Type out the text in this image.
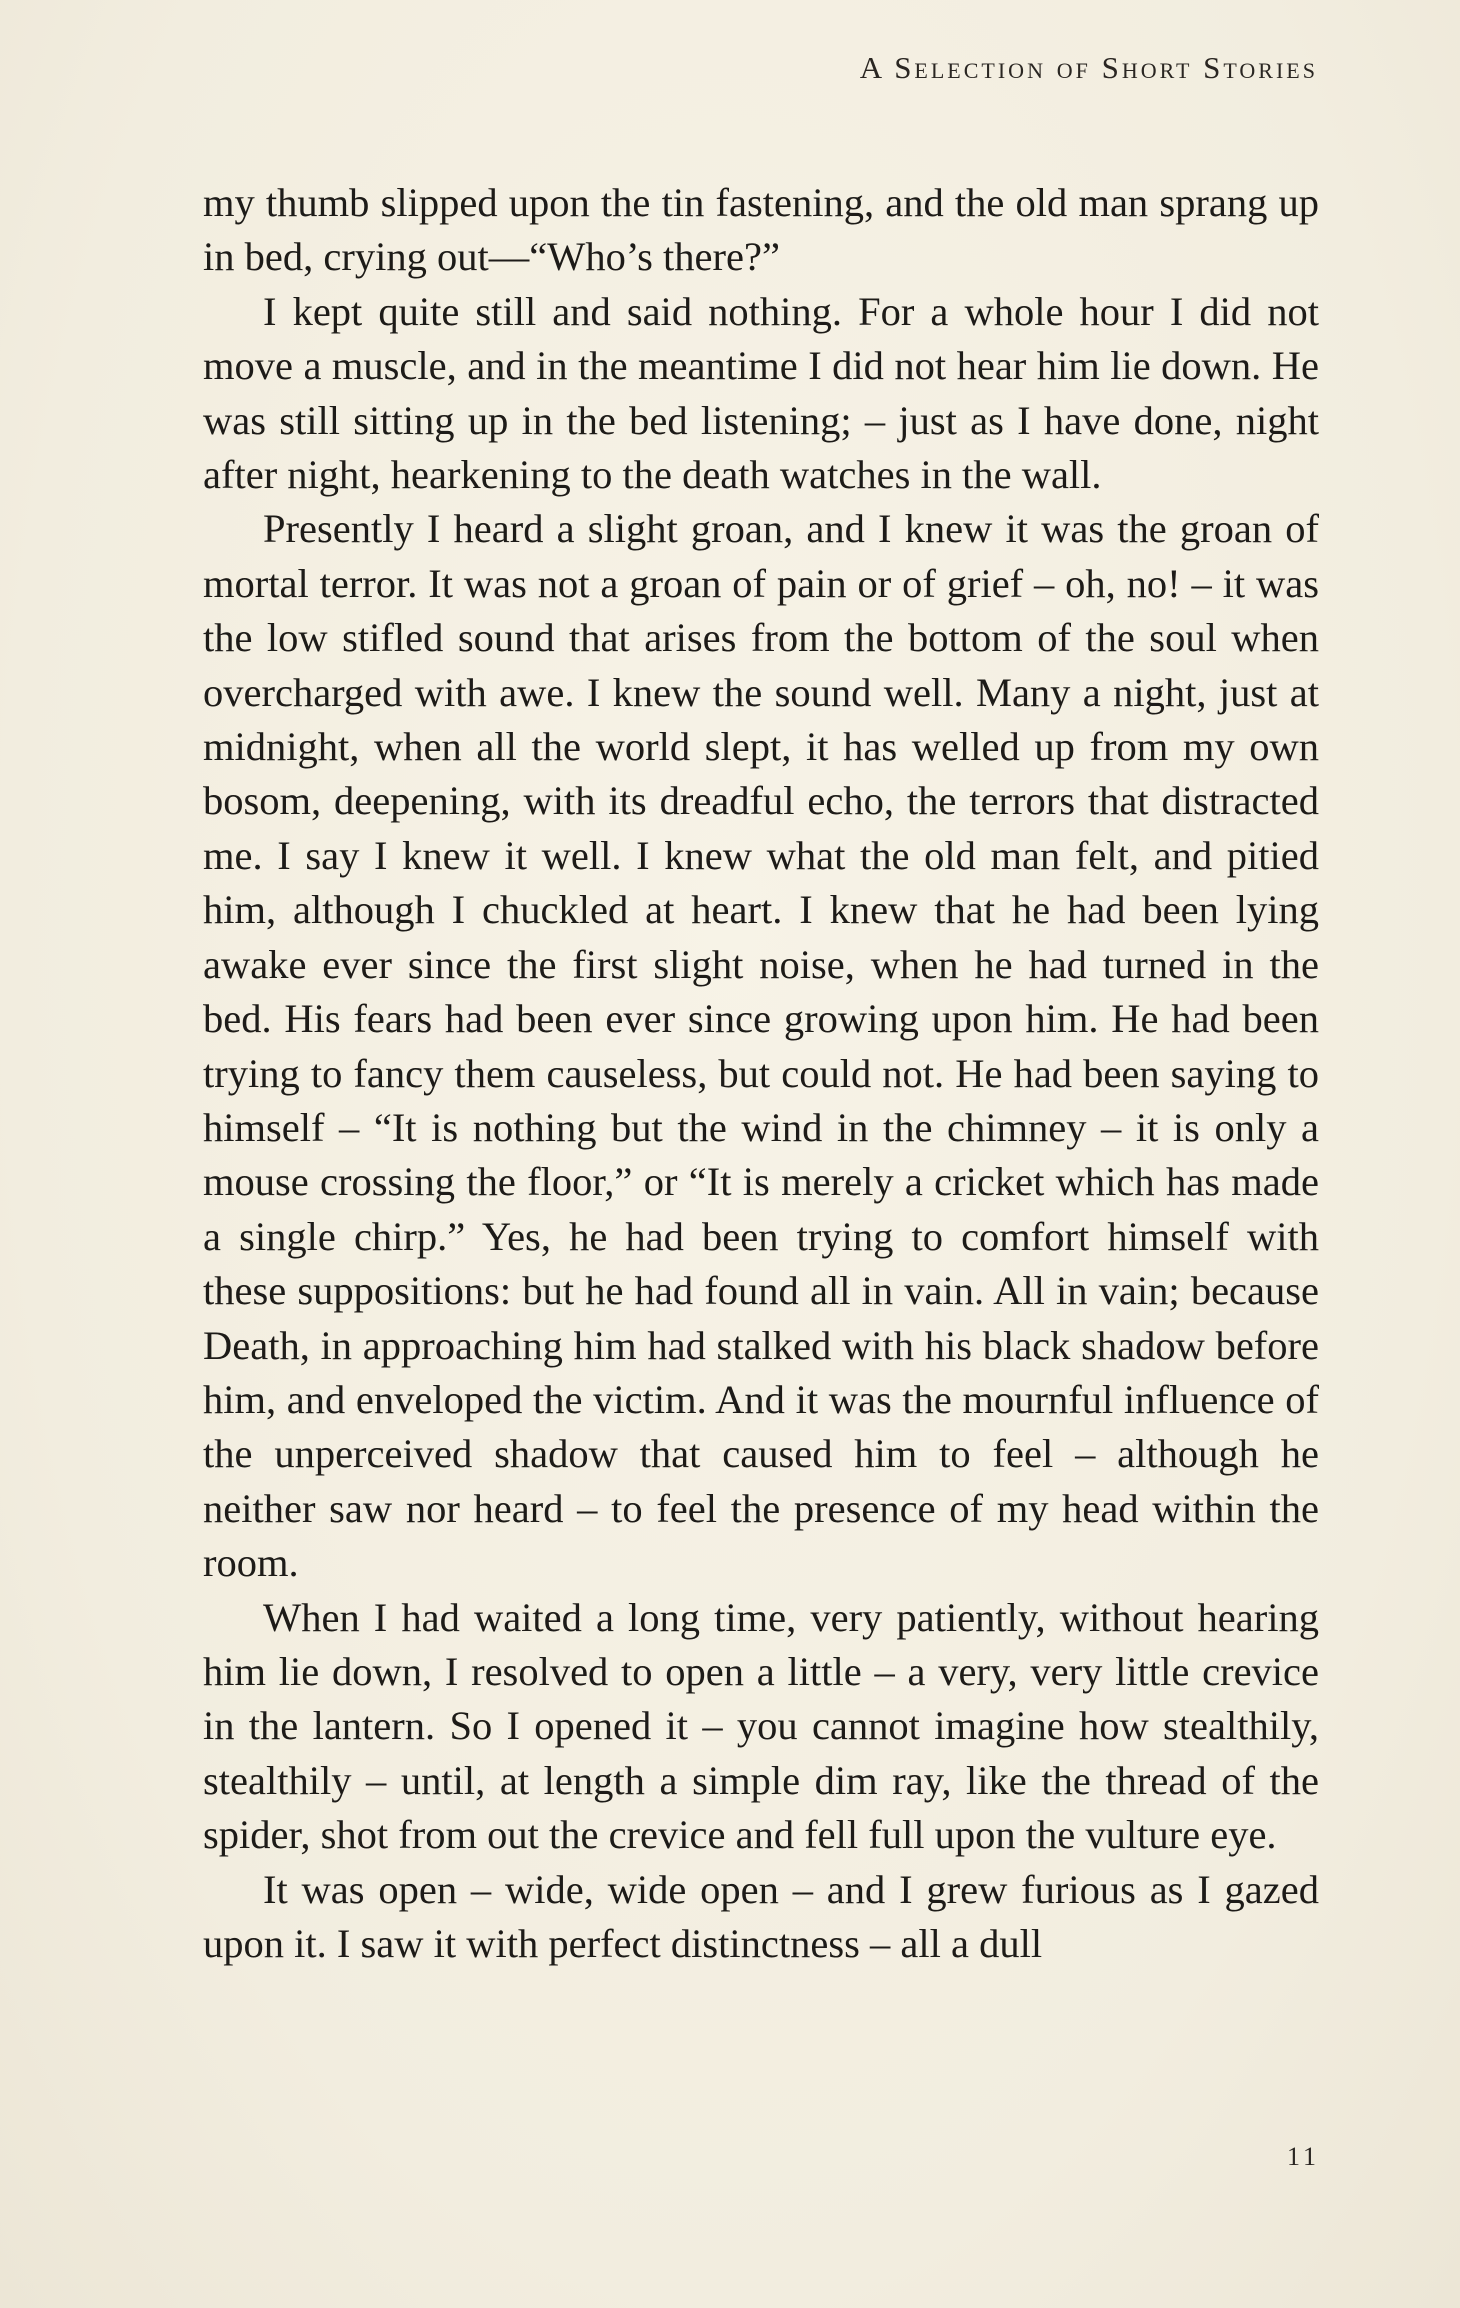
A Selection of Short Stories

my thumb slipped upon the tin fastening, and the old man sprang up in bed, crying out—“Who’s there?”

I kept quite still and said nothing. For a whole hour I did not move a muscle, and in the meantime I did not hear him lie down. He was still sitting up in the bed listening; – just as I have done, night after night, hearkening to the death watches in the wall.

Presently I heard a slight groan, and I knew it was the groan of mortal terror. It was not a groan of pain or of grief – oh, no! – it was the low stifled sound that arises from the bottom of the soul when overcharged with awe. I knew the sound well. Many a night, just at midnight, when all the world slept, it has welled up from my own bosom, deepening, with its dreadful echo, the terrors that distracted me. I say I knew it well. I knew what the old man felt, and pitied him, although I chuckled at heart. I knew that he had been lying awake ever since the first slight noise, when he had turned in the bed. His fears had been ever since growing upon him. He had been trying to fancy them causeless, but could not. He had been saying to himself – “It is nothing but the wind in the chimney – it is only a mouse crossing the floor,” or “It is merely a cricket which has made a single chirp.” Yes, he had been trying to comfort himself with these suppositions: but he had found all in vain. All in vain; because Death, in approaching him had stalked with his black shadow before him, and enveloped the victim. And it was the mournful influence of the unperceived shadow that caused him to feel – although he neither saw nor heard – to feel the presence of my head within the room.

When I had waited a long time, very patiently, without hearing him lie down, I resolved to open a little – a very, very little crevice in the lantern. So I opened it – you cannot imagine how stealthily, stealthily – until, at length a simple dim ray, like the thread of the spider, shot from out the crevice and fell full upon the vulture eye.

It was open – wide, wide open – and I grew furious as I gazed upon it. I saw it with perfect distinctness – all a dull

11
